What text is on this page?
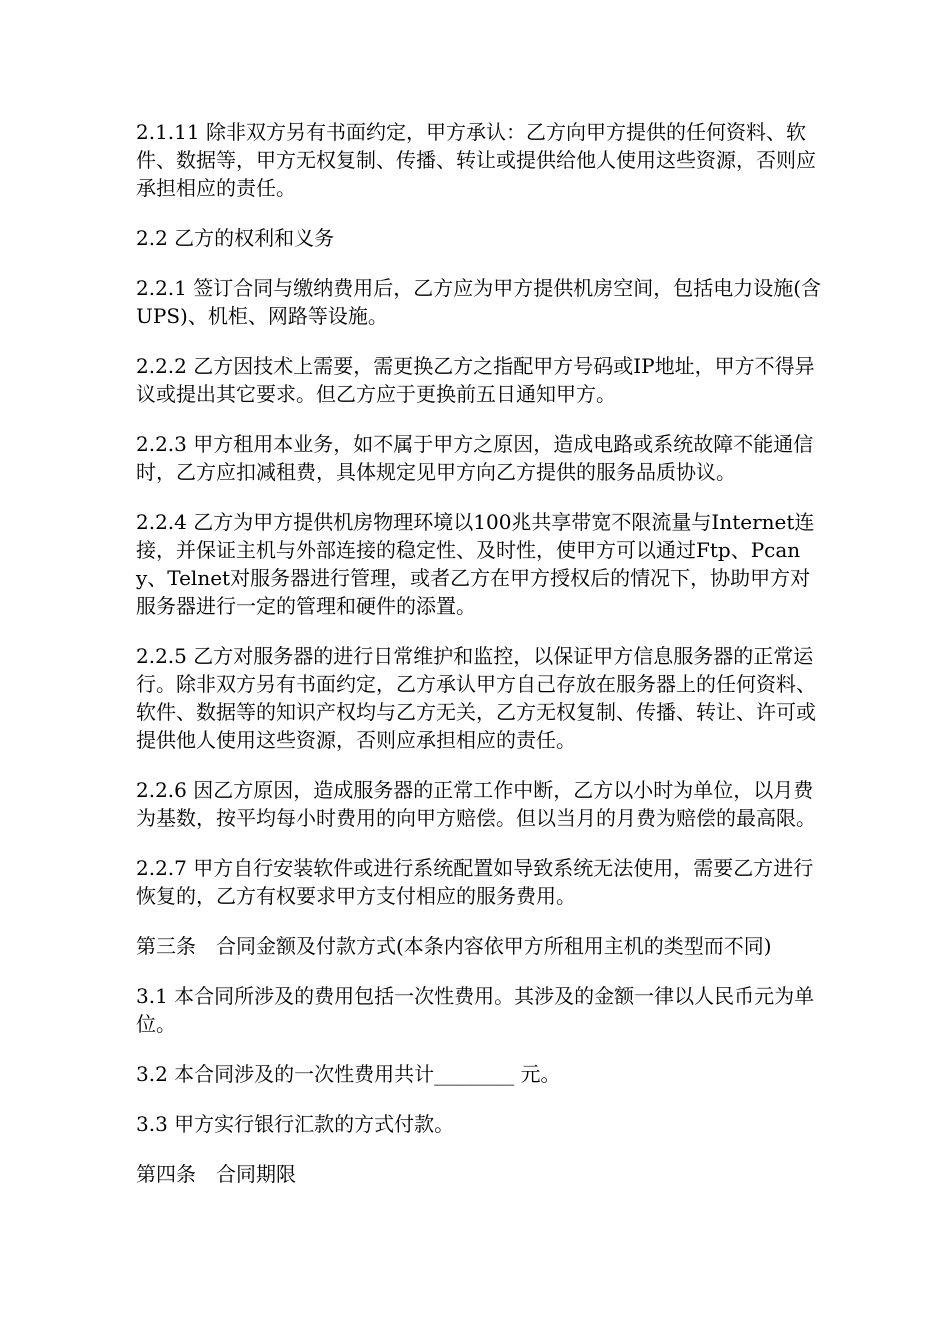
2.1.11 除非双方另有书面约定，甲方承认：乙方向甲方提供的任何资料、软件、数据等，甲方无权复制、传播、转让或提供给他人使用这些资源，否则应承担相应的责任。

2.2 乙方的权利和义务

2.2.1 签订合同与缴纳费用后，乙方应为甲方提供机房空间，包括电力设施(含UPS)、机柜、网路等设施。

2.2.2 乙方因技术上需要，需更换乙方之指配甲方号码或IP地址，甲方不得异议或提出其它要求。但乙方应于更换前五日通知甲方。

2.2.3 甲方租用本业务，如不属于甲方之原因，造成电路或系统故障不能通信时，乙方应扣减租费，具体规定见甲方向乙方提供的服务品质协议。

2.2.4 乙方为甲方提供机房物理环境以100兆共享带宽不限流量与Internet连接，并保证主机与外部连接的稳定性、及时性，使甲方可以通过Ftp、Pcany、Telnet对服务器进行管理，或者乙方在甲方授权后的情况下，协助甲方对服务器进行一定的管理和硬件的添置。

2.2.5 乙方对服务器的进行日常维护和监控，以保证甲方信息服务器的正常运行。除非双方另有书面约定，乙方承认甲方自己存放在服务器上的任何资料、软件、数据等的知识产权均与乙方无关，乙方无权复制、传播、转让、许可或提供他人使用这些资源，否则应承担相应的责任。

2.2.6 因乙方原因，造成服务器的正常工作中断，乙方以小时为单位，以月费为基数，按平均每小时费用的向甲方赔偿。但以当月的月费为赔偿的最高限。

2.2.7 甲方自行安装软件或进行系统配置如导致系统无法使用，需要乙方进行恢复的，乙方有权要求甲方支付相应的服务费用。

第三条　合同金额及付款方式(本条内容依甲方所租用主机的类型而不同)

3.1 本合同所涉及的费用包括一次性费用。其涉及的金额一律以人民币元为单位。

3.2 本合同涉及的一次性费用共计________ 元。

3.3 甲方实行银行汇款的方式付款。

第四条　合同期限
